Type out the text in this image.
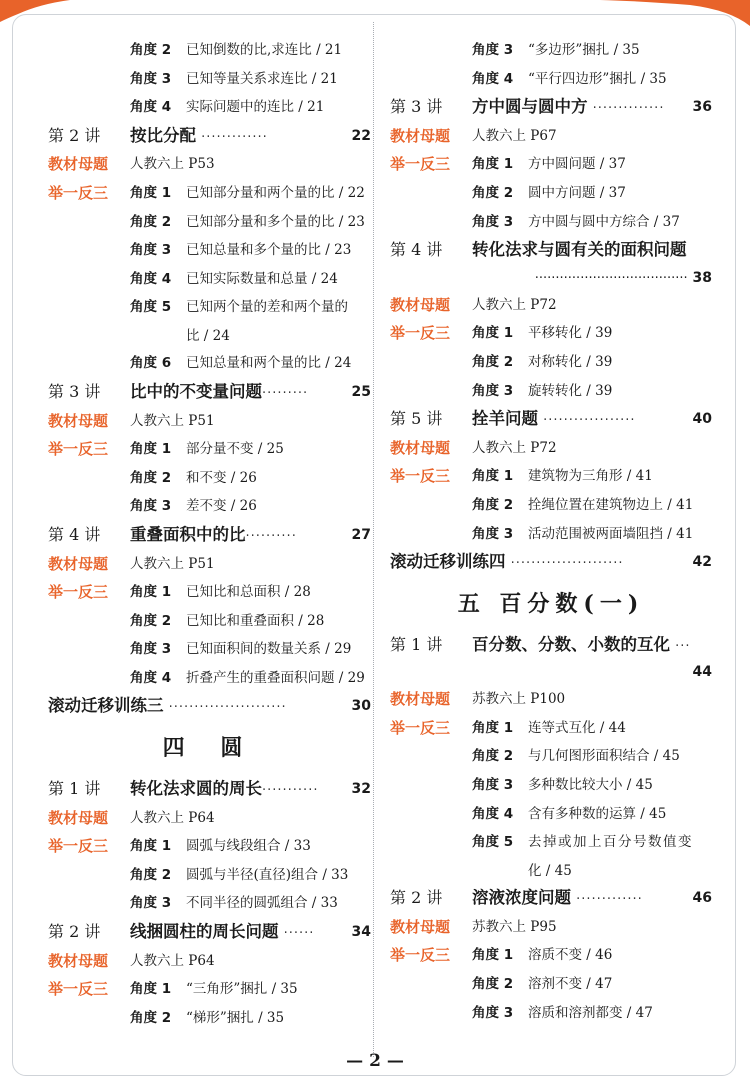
角度 2 已知倒数的比,求连比 / 21
角度 3 已知等量关系求连比 / 21
角度 4 实际问题中的连比 / 21
第 2 讲 按比分配 ·············	22
教材母题 人教六上 P53
举一反三	角度 1 已知部分量和两个量的比 / 22
角度 2 已知部分量和多个量的比 / 23
角度 3 已知总量和多个量的比 / 23
角度 4 已知实际数量和总量 / 24
角度 5 已知两个量的差和两个量的
比 / 24
角度 6 已知总量和两个量的比 / 24
第 3 讲 比中的不变量问题·········	25
教材母题 人教六上 P51
举一反三	角度 1 部分量不变 / 25
角度 2 和不变 / 26
角度 3 差不变 / 26
第 4 讲 重叠面积中的比··········	27
教材母题 人教六上 P51
举一反三	角度 1 已知比和总面积 / 28
角度 2 已知比和重叠面积 / 28
角度 3 已知面积间的数量关系 / 29
角度 4 折叠产生的重叠面积问题 / 29
滚动迁移训练三 ·······················	30
四 圆
第 1 讲 转化法求圆的周长··········· 32
教材母题 人教六上 P64
举一反三	角度 1 圆弧与线段组合 / 33
角度 2 圆弧与半径(直径)组合 / 33
角度 3 不同半径的圆弧组合 / 33
第 2 讲 线捆圆柱的周长问题 ······	34
教材母题 人教六上 P64
举一反三	角度 1 “三角形”捆扎 / 35
角度 2 “梯形”捆扎 / 35
角度 3 “多边形”捆扎 / 35
角度 4 “平行四边形”捆扎 / 35
第 3 讲 方中圆与圆中方 ·············· 36
教材母题 人教六上 P67
举一反三	角度 1 方中圆问题 / 37
角度 2 圆中方问题 / 37
角度 3 方中圆与圆中方综合 / 37
第 4 讲 转化法求与圆有关的面积问题
····································· 38
教材母题 人教六上 P72
举一反三	角度 1 平移转化 / 39
角度 2 对称转化 / 39
角度 3 旋转转化 / 39
第 5 讲 拴羊问题 ··················	40
教材母题 人教六上 P72
举一反三	角度 1 建筑物为三角形 / 41
角度 2 拴绳位置在建筑物边上 / 41
角度 3 活动范围被两面墙阻挡 / 41
滚动迁移训练四 ······················	42
五 百分数(一)
第 1 讲 百分数、分数、小数的互化 ···
44
教材母题 苏教六上 P100
举一反三	角度 1 连等式互化 / 44
角度 2 与几何图形面积结合 / 45
角度 3 多种数比较大小 / 45
角度 4 含有多种数的运算 / 45
角度 5 去掉或加上百分号数值变
化 / 45
第 2 讲 溶液浓度问题 ·············	46
教材母题 苏教六上 P95
举一反三	角度 1 溶质不变 / 46
角度 2 溶剂不变 / 47
角度 3 溶质和溶剂都变 / 47
— 2 —
